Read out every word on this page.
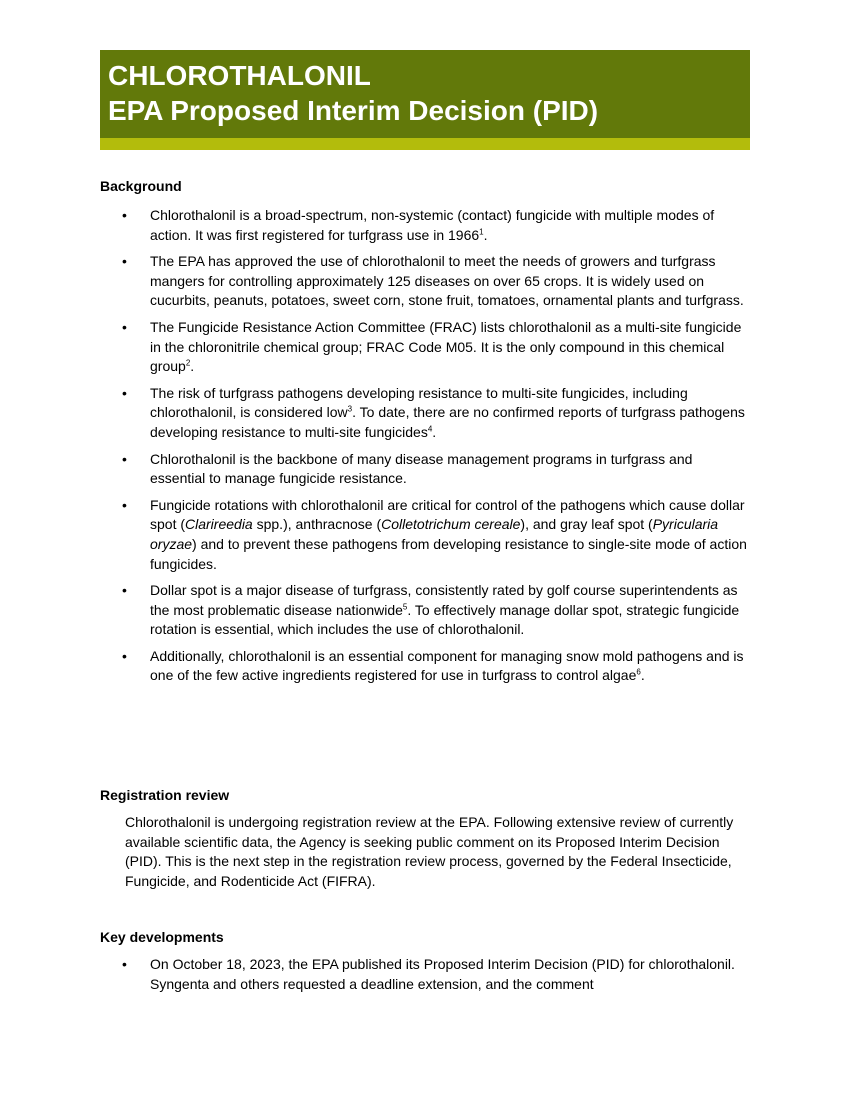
CHLOROTHALONIL
EPA Proposed Interim Decision (PID)
Background
• Chlorothalonil is a broad-spectrum, non-systemic (contact) fungicide with multiple modes of action. It was first registered for turfgrass use in 1966$^1$.
• The EPA has approved the use of chlorothalonil to meet the needs of growers and turfgrass mangers for controlling approximately 125 diseases on over 65 crops. It is widely used on cucurbits, peanuts, potatoes, sweet corn, stone fruit, tomatoes, ornamental plants and turfgrass.
• The Fungicide Resistance Action Committee (FRAC) lists chlorothalonil as a multi-site fungicide in the chloronitrile chemical group; FRAC Code M05. It is the only compound in this chemical group$^2$.
• The risk of turfgrass pathogens developing resistance to multi-site fungicides, including chlorothalonil, is considered low$^3$. To date, there are no confirmed reports of turfgrass pathogens developing resistance to multi-site fungicides$^4$.
• Chlorothalonil is the backbone of many disease management programs in turfgrass and essential to manage fungicide resistance.
• Fungicide rotations with chlorothalonil are critical for control of the pathogens which cause dollar spot (Clarireedia spp.), anthracnose (Colletotrichum cereale), and gray leaf spot (Pyricularia oryzae) and to prevent these pathogens from developing resistance to single-site mode of action fungicides.
• Dollar spot is a major disease of turfgrass, consistently rated by golf course superintendents as the most problematic disease nationwide$^5$. To effectively manage dollar spot, strategic fungicide rotation is essential, which includes the use of chlorothalonil.
• Additionally, chlorothalonil is an essential component for managing snow mold pathogens and is one of the few active ingredients registered for use in turfgrass to control algae$^6$.
Registration review

Chlorothalonil is undergoing registration review at the EPA. Following extensive review of currently available scientific data, the Agency is seeking public comment on its Proposed Interim Decision (PID). This is the next step in the registration review process, governed by the Federal Insecticide, Fungicide, and Rodenticide Act (FIFRA).

Key developments
• On October 18, 2023, the EPA published its Proposed Interim Decision (PID) for chlorothalonil. Syngenta and others requested a deadline extension, and the comment
